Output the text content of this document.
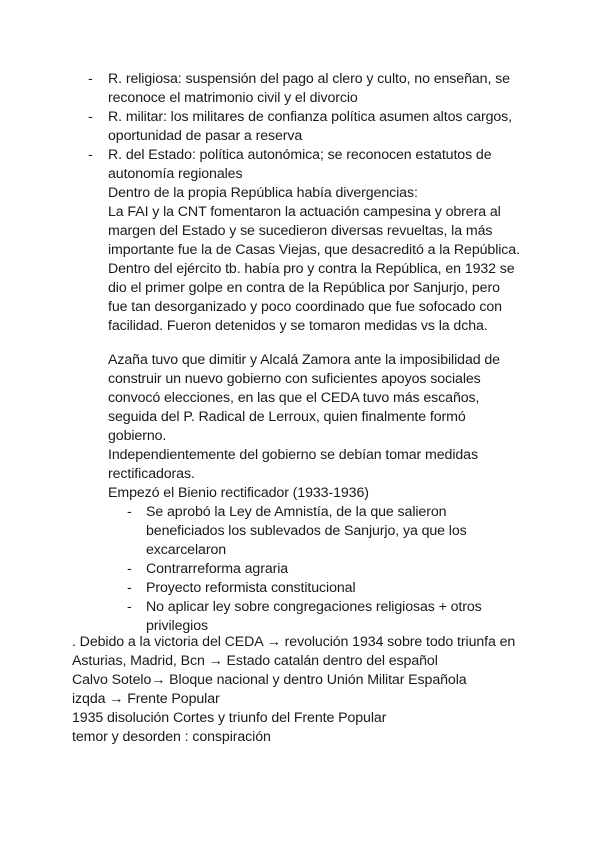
- R. religiosa: suspensión del pago al clero y culto, no enseñan, se
reconoce el matrimonio civil y el divorcio
- R. militar: los militares de confianza política asumen altos cargos,
oportunidad de pasar a reserva
- R. del Estado: política autonómica; se reconocen estatutos de
autonomía regionales
Dentro de la propia República había divergencias:
La FAI y la CNT fomentaron la actuación campesina y obrera al
margen del Estado y se sucedieron diversas revueltas, la más
importante fue la de Casas Viejas, que desacreditó a la República.
Dentro del ejército tb. había pro y contra la República, en 1932 se
dio el primer golpe en contra de la República por Sanjurjo, pero
fue tan desorganizado y poco coordinado que fue sofocado con
facilidad. Fueron detenidos y se tomaron medidas vs la dcha.
Azaña tuvo que dimitir y Alcalá Zamora ante la imposibilidad de
construir un nuevo gobierno con suficientes apoyos sociales
convocó elecciones, en las que el CEDA tuvo más escaños,
seguida del P. Radical de Lerroux, quien finalmente formó
gobierno.
Independientemente del gobierno se debían tomar medidas
rectificadoras.
Empezó el Bienio rectificador (1933-1936)
- Se aprobó la Ley de Amnistía, de la que salieron
beneficiados los sublevados de Sanjurjo, ya que los
excarcelaron
- Contrarreforma agraria
- Proyecto reformista constitucional
- No aplicar ley sobre congregaciones religiosas + otros
privilegios
. Debido a la victoria del CEDA → revolución 1934 sobre todo triunfa en
Asturias, Madrid, Bcn → Estado catalán dentro del español
Calvo Sotelo→ Bloque nacional y dentro Unión Militar Española
izqda → Frente Popular
1935 disolución Cortes y triunfo del Frente Popular
temor y desorden : conspiración
